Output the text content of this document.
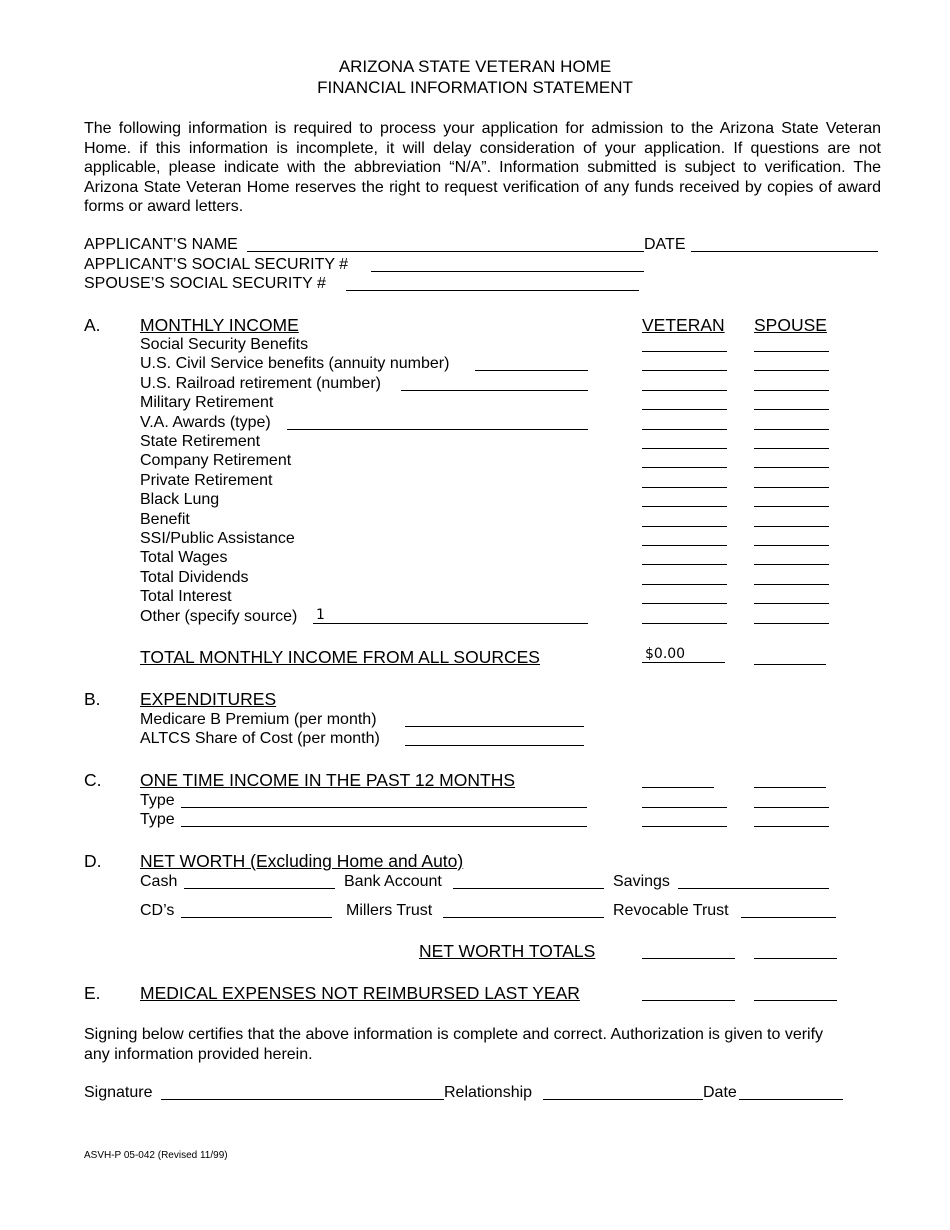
ARIZONA STATE VETERAN HOME
FINANCIAL INFORMATION STATEMENT
The following information is required to process your application for admission to the Arizona State Veteran Home. if this information is incomplete, it will delay consideration of your application. If questions are not applicable, please indicate with the abbreviation “N/A”. Information submitted is subject to verification. The Arizona State Veteran Home reserves the right to request verification of any funds received by copies of award forms or award letters.
APPLICANT’S NAME	DATE
APPLICANT’S SOCIAL SECURITY #
SPOUSE’S SOCIAL SECURITY #
A. MONTHLY INCOME	VETERAN SPOUSE
Social Security Benefits
U.S. Civil Service benefits (annuity number)
U.S. Railroad retirement (number)
Military Retirement
V.A. Awards (type)
State Retirement
Company Retirement
Private Retirement
Black Lung
Benefit
SSI/Public Assistance
Total Wages
Total Dividends
Total Interest
Other (specify source) 1
TOTAL MONTHLY INCOME FROM ALL SOURCES	$0.00
B. EXPENDITURES
Medicare B Premium (per month)
ALTCS Share of Cost (per month)
C. ONE TIME INCOME IN THE PAST 12 MONTHS
Type
Type
D. NET WORTH (Excluding Home and Auto)
Cash	Bank Account	Savings
CD’s	Millers Trust	Revocable Trust
NET WORTH TOTALS
E. MEDICAL EXPENSES NOT REIMBURSED LAST YEAR
Signing below certifies that the above information is complete and correct. Authorization is given to verify any information provided herein.
Signature	Relationship	Date
ASVH-P 05-042 (Revised 11/99)
